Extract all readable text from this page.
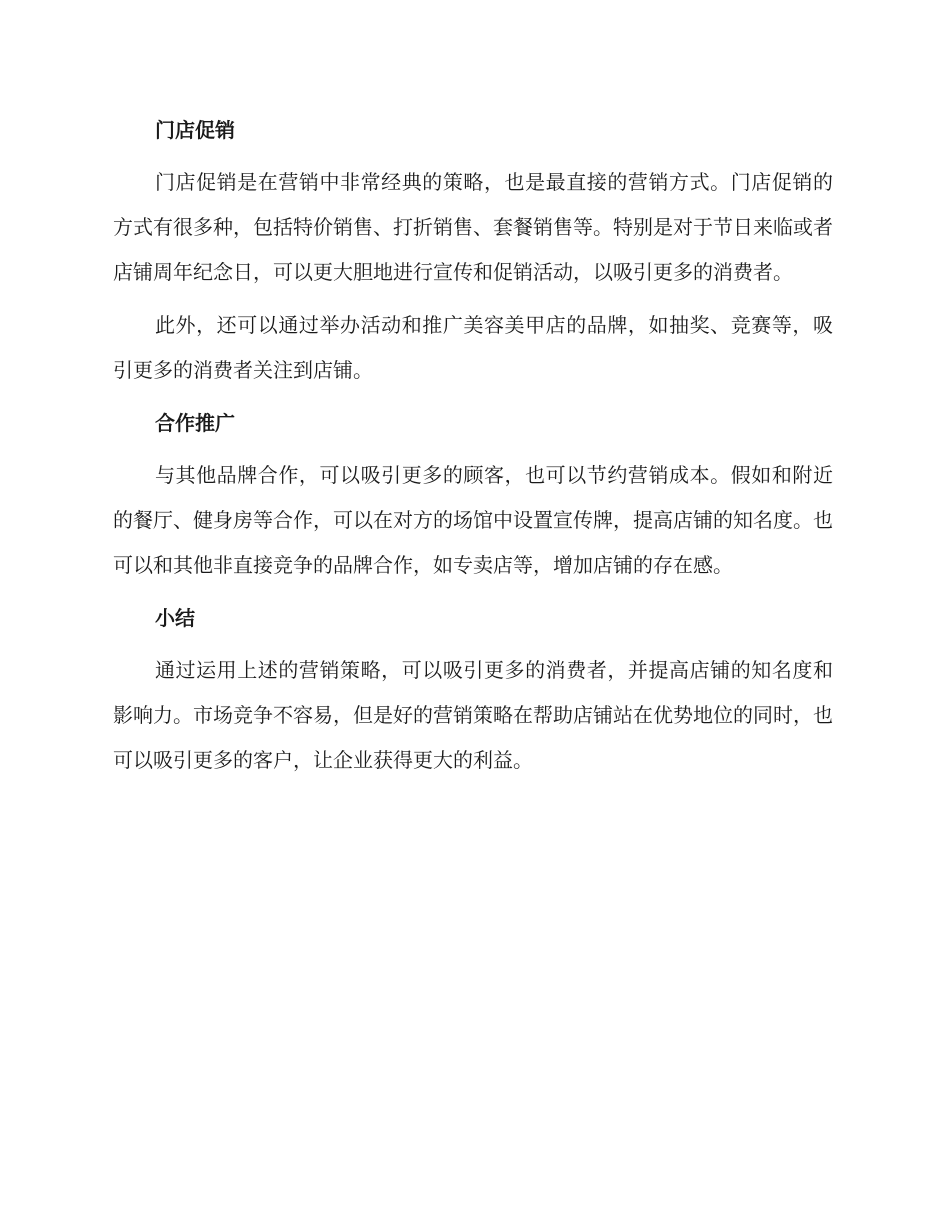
门店促销

门店促销是在营销中非常经典的策略，也是最直接的营销方式。门店促销的方式有很多种，包括特价销售、打折销售、套餐销售等。特别是对于节日来临或者店铺周年纪念日，可以更大胆地进行宣传和促销活动，以吸引更多的消费者。

此外，还可以通过举办活动和推广美容美甲店的品牌，如抽奖、竞赛等，吸引更多的消费者关注到店铺。

合作推广

与其他品牌合作，可以吸引更多的顾客，也可以节约营销成本。假如和附近的餐厅、健身房等合作，可以在对方的场馆中设置宣传牌，提高店铺的知名度。也可以和其他非直接竞争的品牌合作，如专卖店等，增加店铺的存在感。

小结

通过运用上述的营销策略，可以吸引更多的消费者，并提高店铺的知名度和影响力。市场竞争不容易，但是好的营销策略在帮助店铺站在优势地位的同时，也可以吸引更多的客户，让企业获得更大的利益。
